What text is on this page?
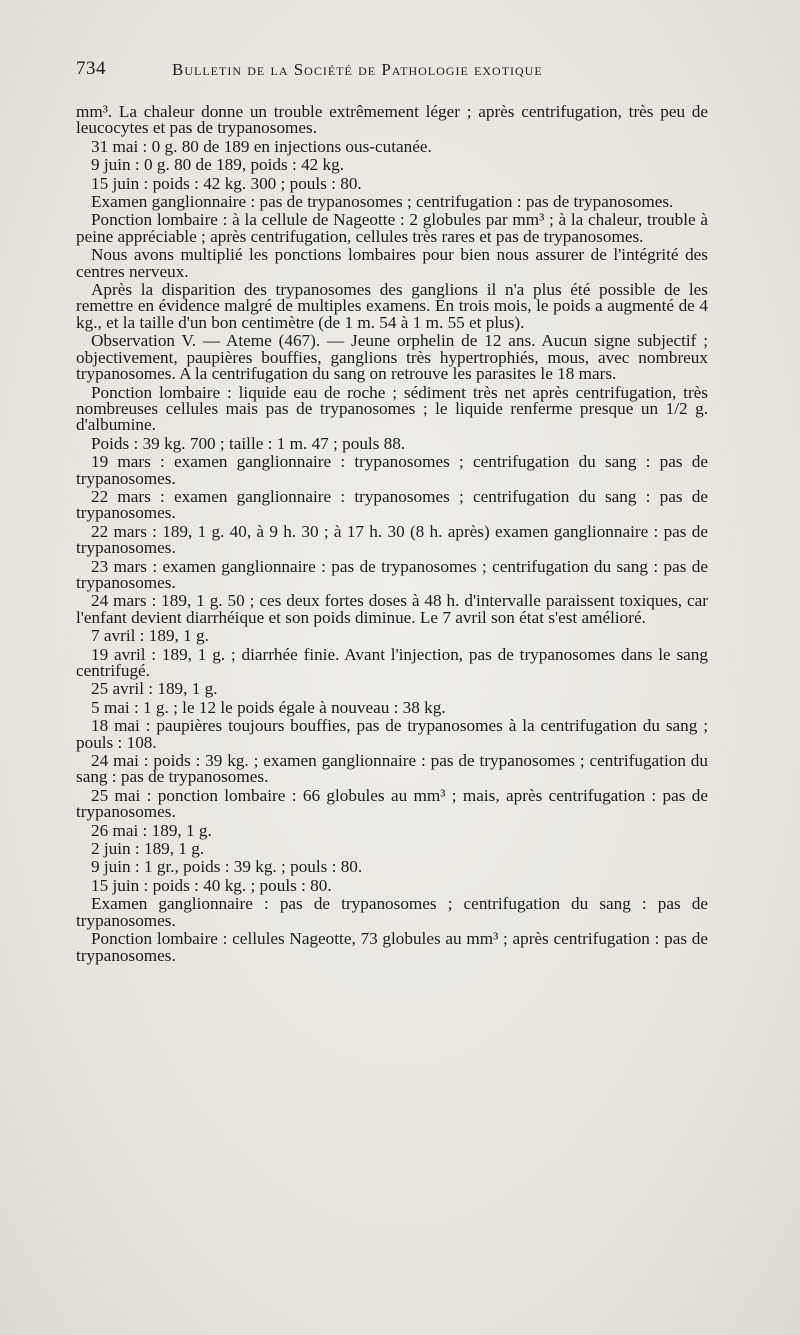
734	Bulletin de la Société de Pathologie exotique

mm³. La chaleur donne un trouble extrêmement léger ; après centrifugation, très peu de leucocytes et pas de trypanosomes.

31 mai : 0 g. 80 de 189 en injections ous-cutanée.

9 juin : 0 g. 80 de 189, poids : 42 kg.

15 juin : poids : 42 kg. 300 ; pouls : 80.

Examen ganglionnaire : pas de trypanosomes ; centrifugation : pas de trypanosomes.

Ponction lombaire : à la cellule de Nageotte : 2 globules par mm³ ; à la chaleur, trouble à peine appréciable ; après centrifugation, cellules très rares et pas de trypanosomes.

Nous avons multiplié les ponctions lombaires pour bien nous assurer de l'intégrité des centres nerveux.

Après la disparition des trypanosomes des ganglions il n'a plus été possible de les remettre en évidence malgré de multiples examens. En trois mois, le poids a augmenté de 4 kg., et la taille d'un bon centimètre (de 1 m. 54 à 1 m. 55 et plus).

Observation V. — Ateme (467). — Jeune orphelin de 12 ans. Aucun signe subjectif ; objectivement, paupières bouffies, ganglions très hypertrophiés, mous, avec nombreux trypanosomes. A la centrifugation du sang on retrouve les parasites le 18 mars.

Ponction lombaire : liquide eau de roche ; sédiment très net après centrifugation, très nombreuses cellules mais pas de trypanosomes ; le liquide renferme presque un 1/2 g. d'albumine.

Poids : 39 kg. 700 ; taille : 1 m. 47 ; pouls 88.

19 mars : examen ganglionnaire : trypanosomes ; centrifugation du sang : pas de trypanosomes.

22 mars : examen ganglionnaire : trypanosomes ; centrifugation du sang : pas de trypanosomes.

22 mars : 189, 1 g. 40, à 9 h. 30 ; à 17 h. 30 (8 h. après) examen ganglionnaire : pas de trypanosomes.

23 mars : examen ganglionnaire : pas de trypanosomes ; centrifugation du sang : pas de trypanosomes.

24 mars : 189, 1 g. 50 ; ces deux fortes doses à 48 h. d'intervalle paraissent toxiques, car l'enfant devient diarrhéique et son poids diminue. Le 7 avril son état s'est amélioré.

7 avril : 189, 1 g.

19 avril : 189, 1 g. ; diarrhée finie. Avant l'injection, pas de trypanosomes dans le sang centrifugé.

25 avril : 189, 1 g.

5 mai : 1 g. ; le 12 le poids égale à nouveau : 38 kg.

18 mai : paupières toujours bouffies, pas de trypanosomes à la centrifugation du sang ; pouls : 108.

24 mai : poids : 39 kg. ; examen ganglionnaire : pas de trypanosomes ; centrifugation du sang : pas de trypanosomes.

25 mai : ponction lombaire : 66 globules au mm³ ; mais, après centrifugation : pas de trypanosomes.

26 mai : 189, 1 g.

2 juin : 189, 1 g.

9 juin : 1 gr., poids : 39 kg. ; pouls : 80.

15 juin : poids : 40 kg. ; pouls : 80.

Examen ganglionnaire : pas de trypanosomes ; centrifugation du sang : pas de trypanosomes.

Ponction lombaire : cellules Nageotte, 73 globules au mm³ ; après centrifugation : pas de trypanosomes.
